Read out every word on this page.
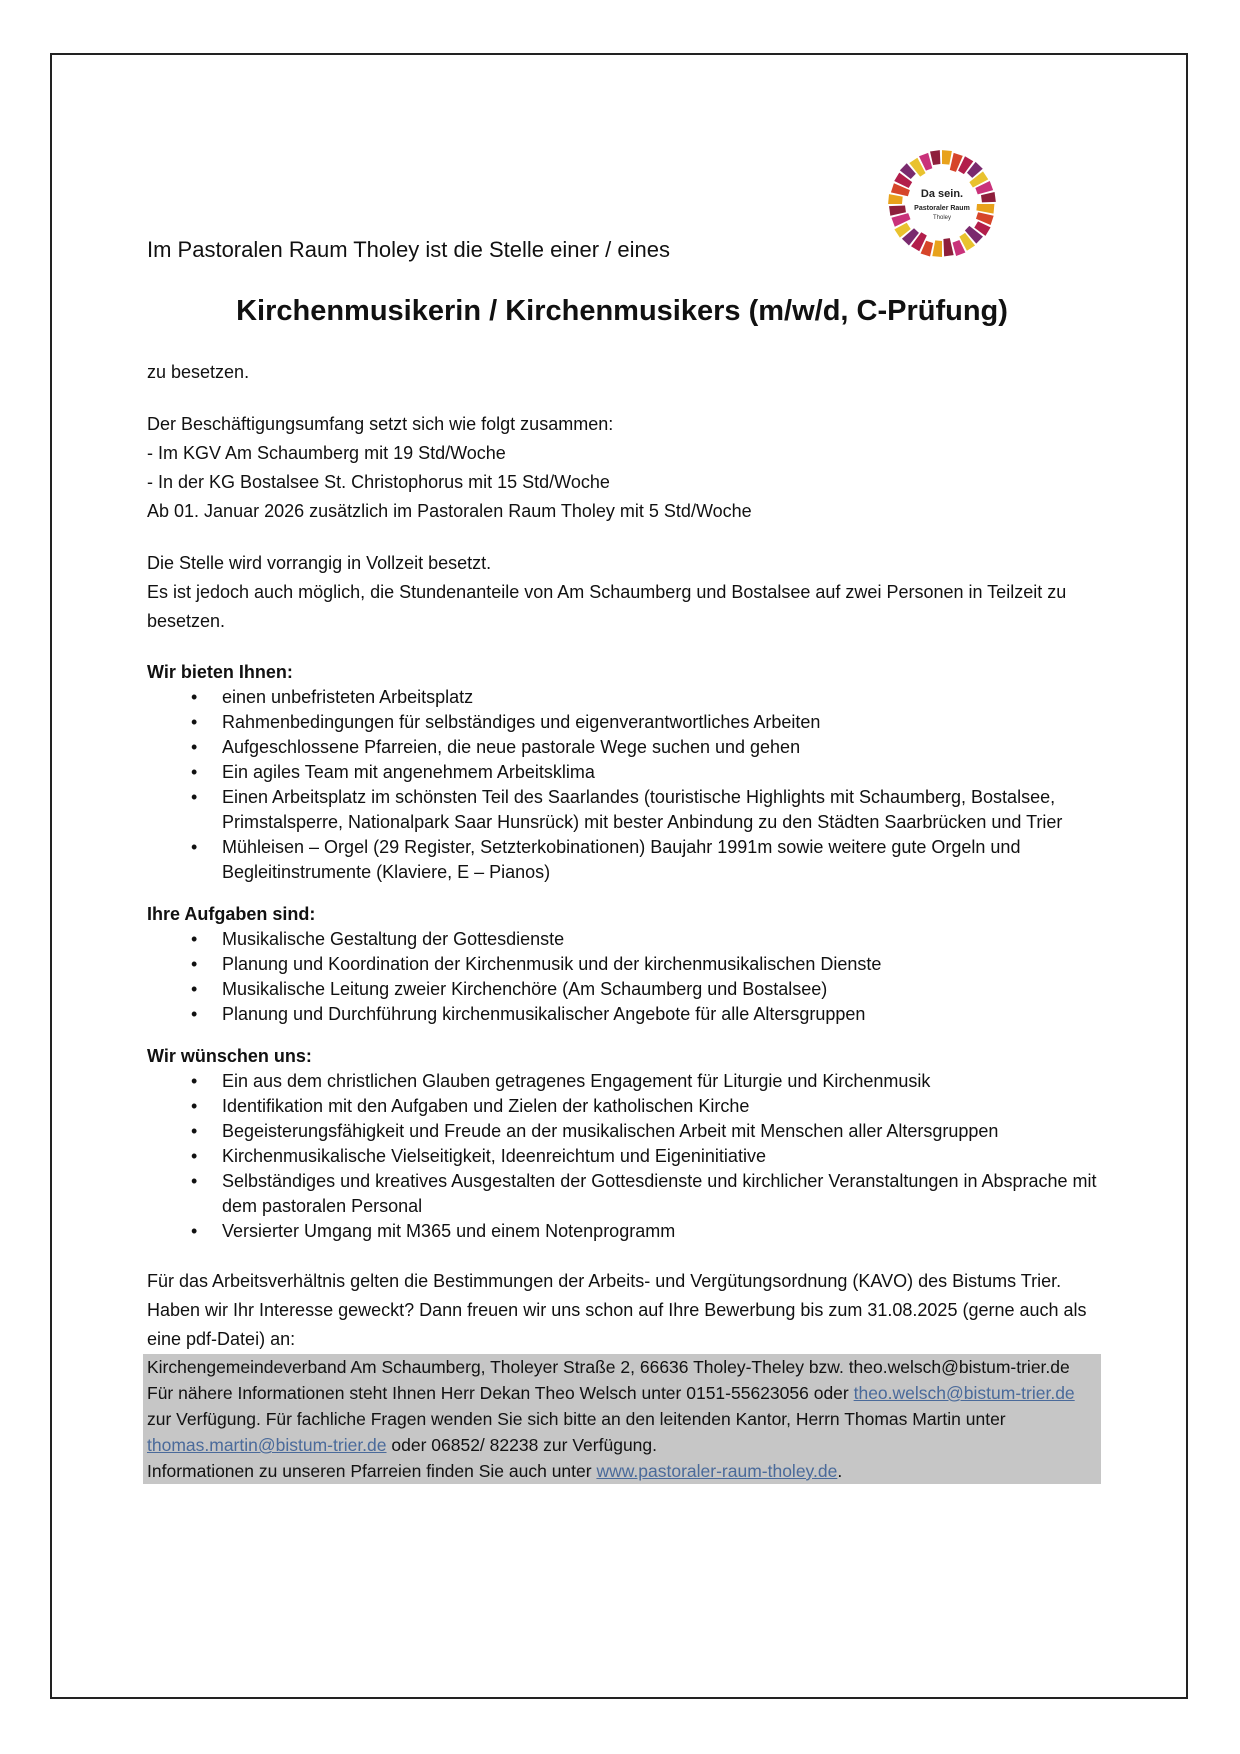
Da sein.
Pastoraler Raum
Tholey
Im Pastoralen Raum Tholey ist die Stelle einer / eines
Kirchenmusikerin / Kirchenmusikers (m/w/d, C-Prüfung)

zu besetzen.

Der Beschäftigungsumfang setzt sich wie folgt zusammen:

- Im KGV Am Schaumberg mit 19 Std/Woche

- In der KG Bostalsee St. Christophorus mit 15 Std/Woche

Ab 01. Januar 2026 zusätzlich im Pastoralen Raum Tholey mit 5 Std/Woche

Die Stelle wird vorrangig in Vollzeit besetzt.

Es ist jedoch auch möglich, die Stundenanteile von Am Schaumberg und Bostalsee auf zwei Personen in Teilzeit zu besetzen.

Wir bieten Ihnen:

• einen unbefristeten Arbeitsplatz
• Rahmenbedingungen für selbständiges und eigenverantwortliches Arbeiten
• Aufgeschlossene Pfarreien, die neue pastorale Wege suchen und gehen
• Ein agiles Team mit angenehmem Arbeitsklima
• Einen Arbeitsplatz im schönsten Teil des Saarlandes (touristische Highlights mit Schaumberg, Bostalsee, Primstalsperre, Nationalpark Saar Hunsrück) mit bester Anbindung zu den Städten Saarbrücken und Trier
• Mühleisen – Orgel (29 Register, Setzterkobinationen) Baujahr 1991m sowie weitere gute Orgeln und Begleitinstrumente (Klaviere, E – Pianos)

Ihre Aufgaben sind:

• Musikalische Gestaltung der Gottesdienste
• Planung und Koordination der Kirchenmusik und der kirchenmusikalischen Dienste
• Musikalische Leitung zweier Kirchenchöre (Am Schaumberg und Bostalsee)
• Planung und Durchführung kirchenmusikalischer Angebote für alle Altersgruppen

Wir wünschen uns:

• Ein aus dem christlichen Glauben getragenes Engagement für Liturgie und Kirchenmusik
• Identifikation mit den Aufgaben und Zielen der katholischen Kirche
• Begeisterungsfähigkeit und Freude an der musikalischen Arbeit mit Menschen aller Altersgruppen
• Kirchenmusikalische Vielseitigkeit, Ideenreichtum und Eigeninitiative
• Selbständiges und kreatives Ausgestalten der Gottesdienste und kirchlicher Veranstaltungen in Absprache mit dem pastoralen Personal
• Versierter Umgang mit M365 und einem Notenprogramm

Für das Arbeitsverhältnis gelten die Bestimmungen der Arbeits- und Vergütungsordnung (KAVO) des Bistums Trier.

Haben wir Ihr Interesse geweckt? Dann freuen wir uns schon auf Ihre Bewerbung bis zum 31.08.2025 (gerne auch als eine pdf-Datei) an:

Kirchengemeindeverband Am Schaumberg, Tholeyer Straße 2, 66636 Tholey-Theley bzw. theo.welsch@bistum-trier.de

Für nähere Informationen steht Ihnen Herr Dekan Theo Welsch unter 0151-55623056 oder theo.welsch@bistum-trier.de zur Verfügung. Für fachliche Fragen wenden Sie sich bitte an den leitenden Kantor, Herrn Thomas Martin unter thomas.martin@bistum-trier.de oder 06852/ 82238 zur Verfügung.

Informationen zu unseren Pfarreien finden Sie auch unter www.pastoraler-raum-tholey.de.
